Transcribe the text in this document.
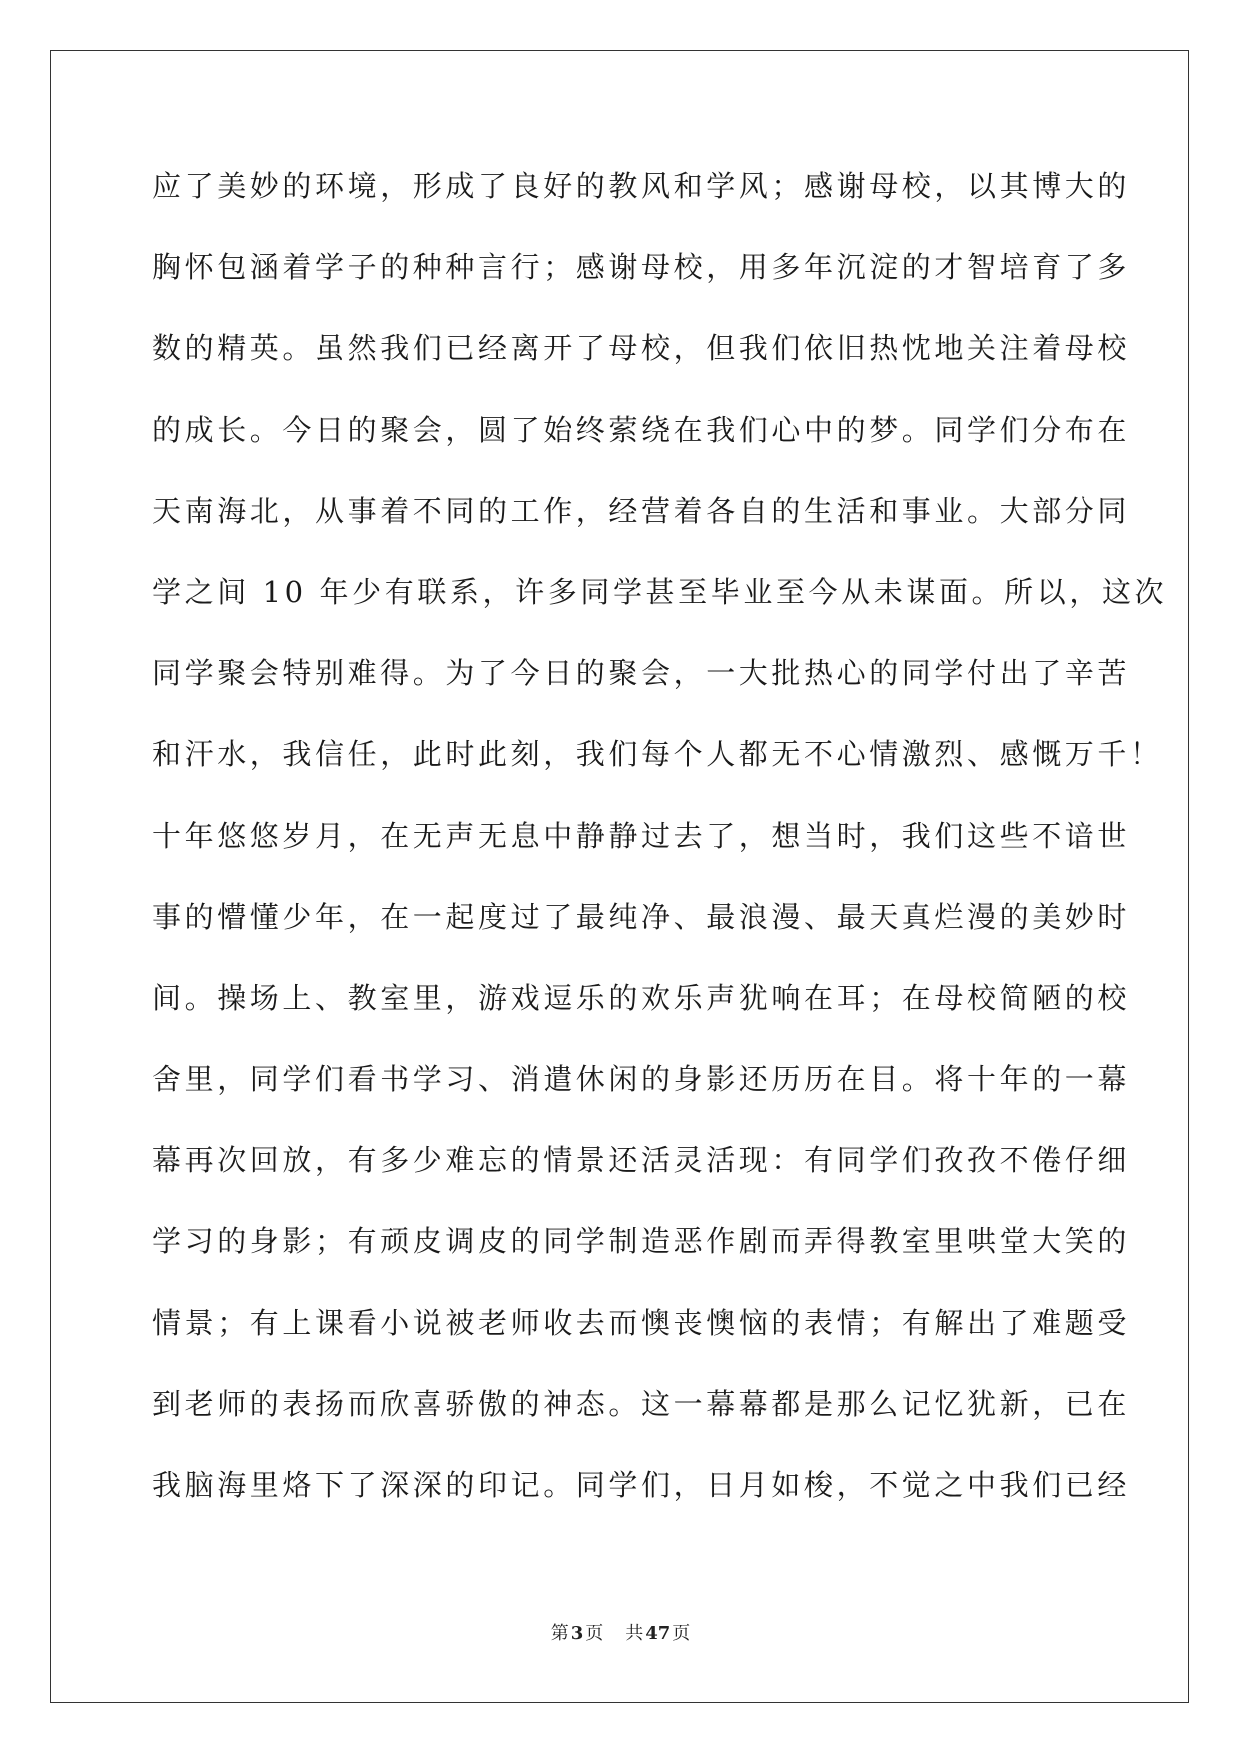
应了美妙的环境，形成了良好的教风和学风；感谢母校，以其博大的
胸怀包涵着学子的种种言行；感谢母校，用多年沉淀的才智培育了多
数的精英。虽然我们已经离开了母校，但我们依旧热忱地关注着母校
的成长。今日的聚会，圆了始终萦绕在我们心中的梦。同学们分布在
天南海北，从事着不同的工作，经营着各自的生活和事业。大部分同
学之间 10 年少有联系，许多同学甚至毕业至今从未谋面。所以，这次
同学聚会特别难得。为了今日的聚会，一大批热心的同学付出了辛苦
和汗水，我信任，此时此刻，我们每个人都无不心情激烈、感慨万千！
十年悠悠岁月，在无声无息中静静过去了，想当时，我们这些不谙世
事的懵懂少年，在一起度过了最纯净、最浪漫、最天真烂漫的美妙时
间。操场上、教室里，游戏逗乐的欢乐声犹响在耳；在母校简陋的校
舍里，同学们看书学习、消遣休闲的身影还历历在目。将十年的一幕
幕再次回放，有多少难忘的情景还活灵活现：有同学们孜孜不倦仔细
学习的身影；有顽皮调皮的同学制造恶作剧而弄得教室里哄堂大笑的
情景；有上课看小说被老师收去而懊丧懊恼的表情；有解出了难题受
到老师的表扬而欣喜骄傲的神态。这一幕幕都是那么记忆犹新，已在
我脑海里烙下了深深的印记。同学们，日月如梭，不觉之中我们已经
第 3 页 共 47 页
